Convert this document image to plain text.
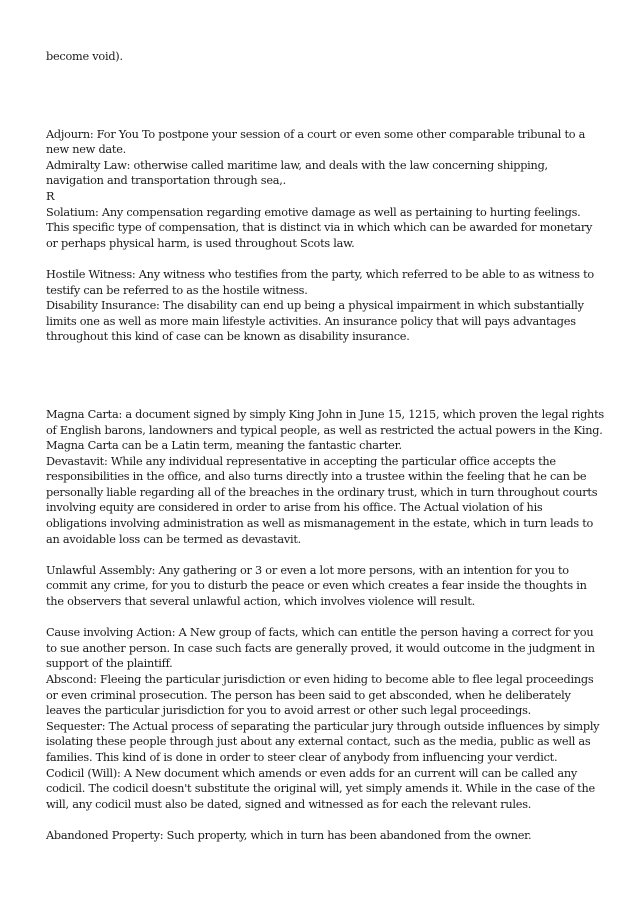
become void).

Adjourn: For You To postpone your session of a court or even some other comparable tribunal to a new new date.

Admiralty Law: otherwise called maritime law, and deals with the law concerning shipping, navigation and transportation through sea,.

R

Solatium: Any compensation regarding emotive damage as well as pertaining to hurting feelings. This specific type of compensation, that is distinct via in which which can be awarded for monetary or perhaps physical harm, is used throughout Scots law.

Hostile Witness: Any witness who testifies from the party, which referred to be able to as witness to testify can be referred to as the hostile witness.

Disability Insurance: The disability can end up being a physical impairment in which substantially limits one as well as more main lifestyle activities. An insurance policy that will pays advantages throughout this kind of case can be known as disability insurance.

Magna Carta: a document signed by simply King John in June 15, 1215, which proven the legal rights of English barons, landowners and typical people, as well as restricted the actual powers in the King.

Magna Carta can be a Latin term, meaning the fantastic charter.

Devastavit: While any individual representative in accepting the particular office accepts the responsibilities in the office, and also turns directly into a trustee within the feeling that he can be personally liable regarding all of the breaches in the ordinary trust, which in turn throughout courts involving equity are considered in order to arise from his office. The Actual violation of his obligations involving administration as well as mismanagement in the estate, which in turn leads to an avoidable loss can be termed as devastavit.

Unlawful Assembly: Any gathering or 3 or even a lot more persons, with an intention for you to commit any crime, for you to disturb the peace or even which creates a fear inside the thoughts in the observers that several unlawful action, which involves violence will result.

Cause involving Action: A New group of facts, which can entitle the person having a correct for you to sue another person. In case such facts are generally proved, it would outcome in the judgment in support of the plaintiff.

Abscond: Fleeing the particular jurisdiction or even hiding to become able to flee legal proceedings or even criminal prosecution. The person has been said to get absconded, when he deliberately leaves the particular jurisdiction for you to avoid arrest or other such legal proceedings.

Sequester: The Actual process of separating the particular jury through outside influences by simply isolating these people through just about any external contact, such as the media, public as well as families. This kind of is done in order to steer clear of anybody from influencing your verdict.

Codicil (Will): A New document which amends or even adds for an current will can be called any codicil. The codicil doesn't substitute the original will, yet simply amends it. While in the case of the will, any codicil must also be dated, signed and witnessed as for each the relevant rules.

Abandoned Property: Such property, which in turn has been abandoned from the owner.
